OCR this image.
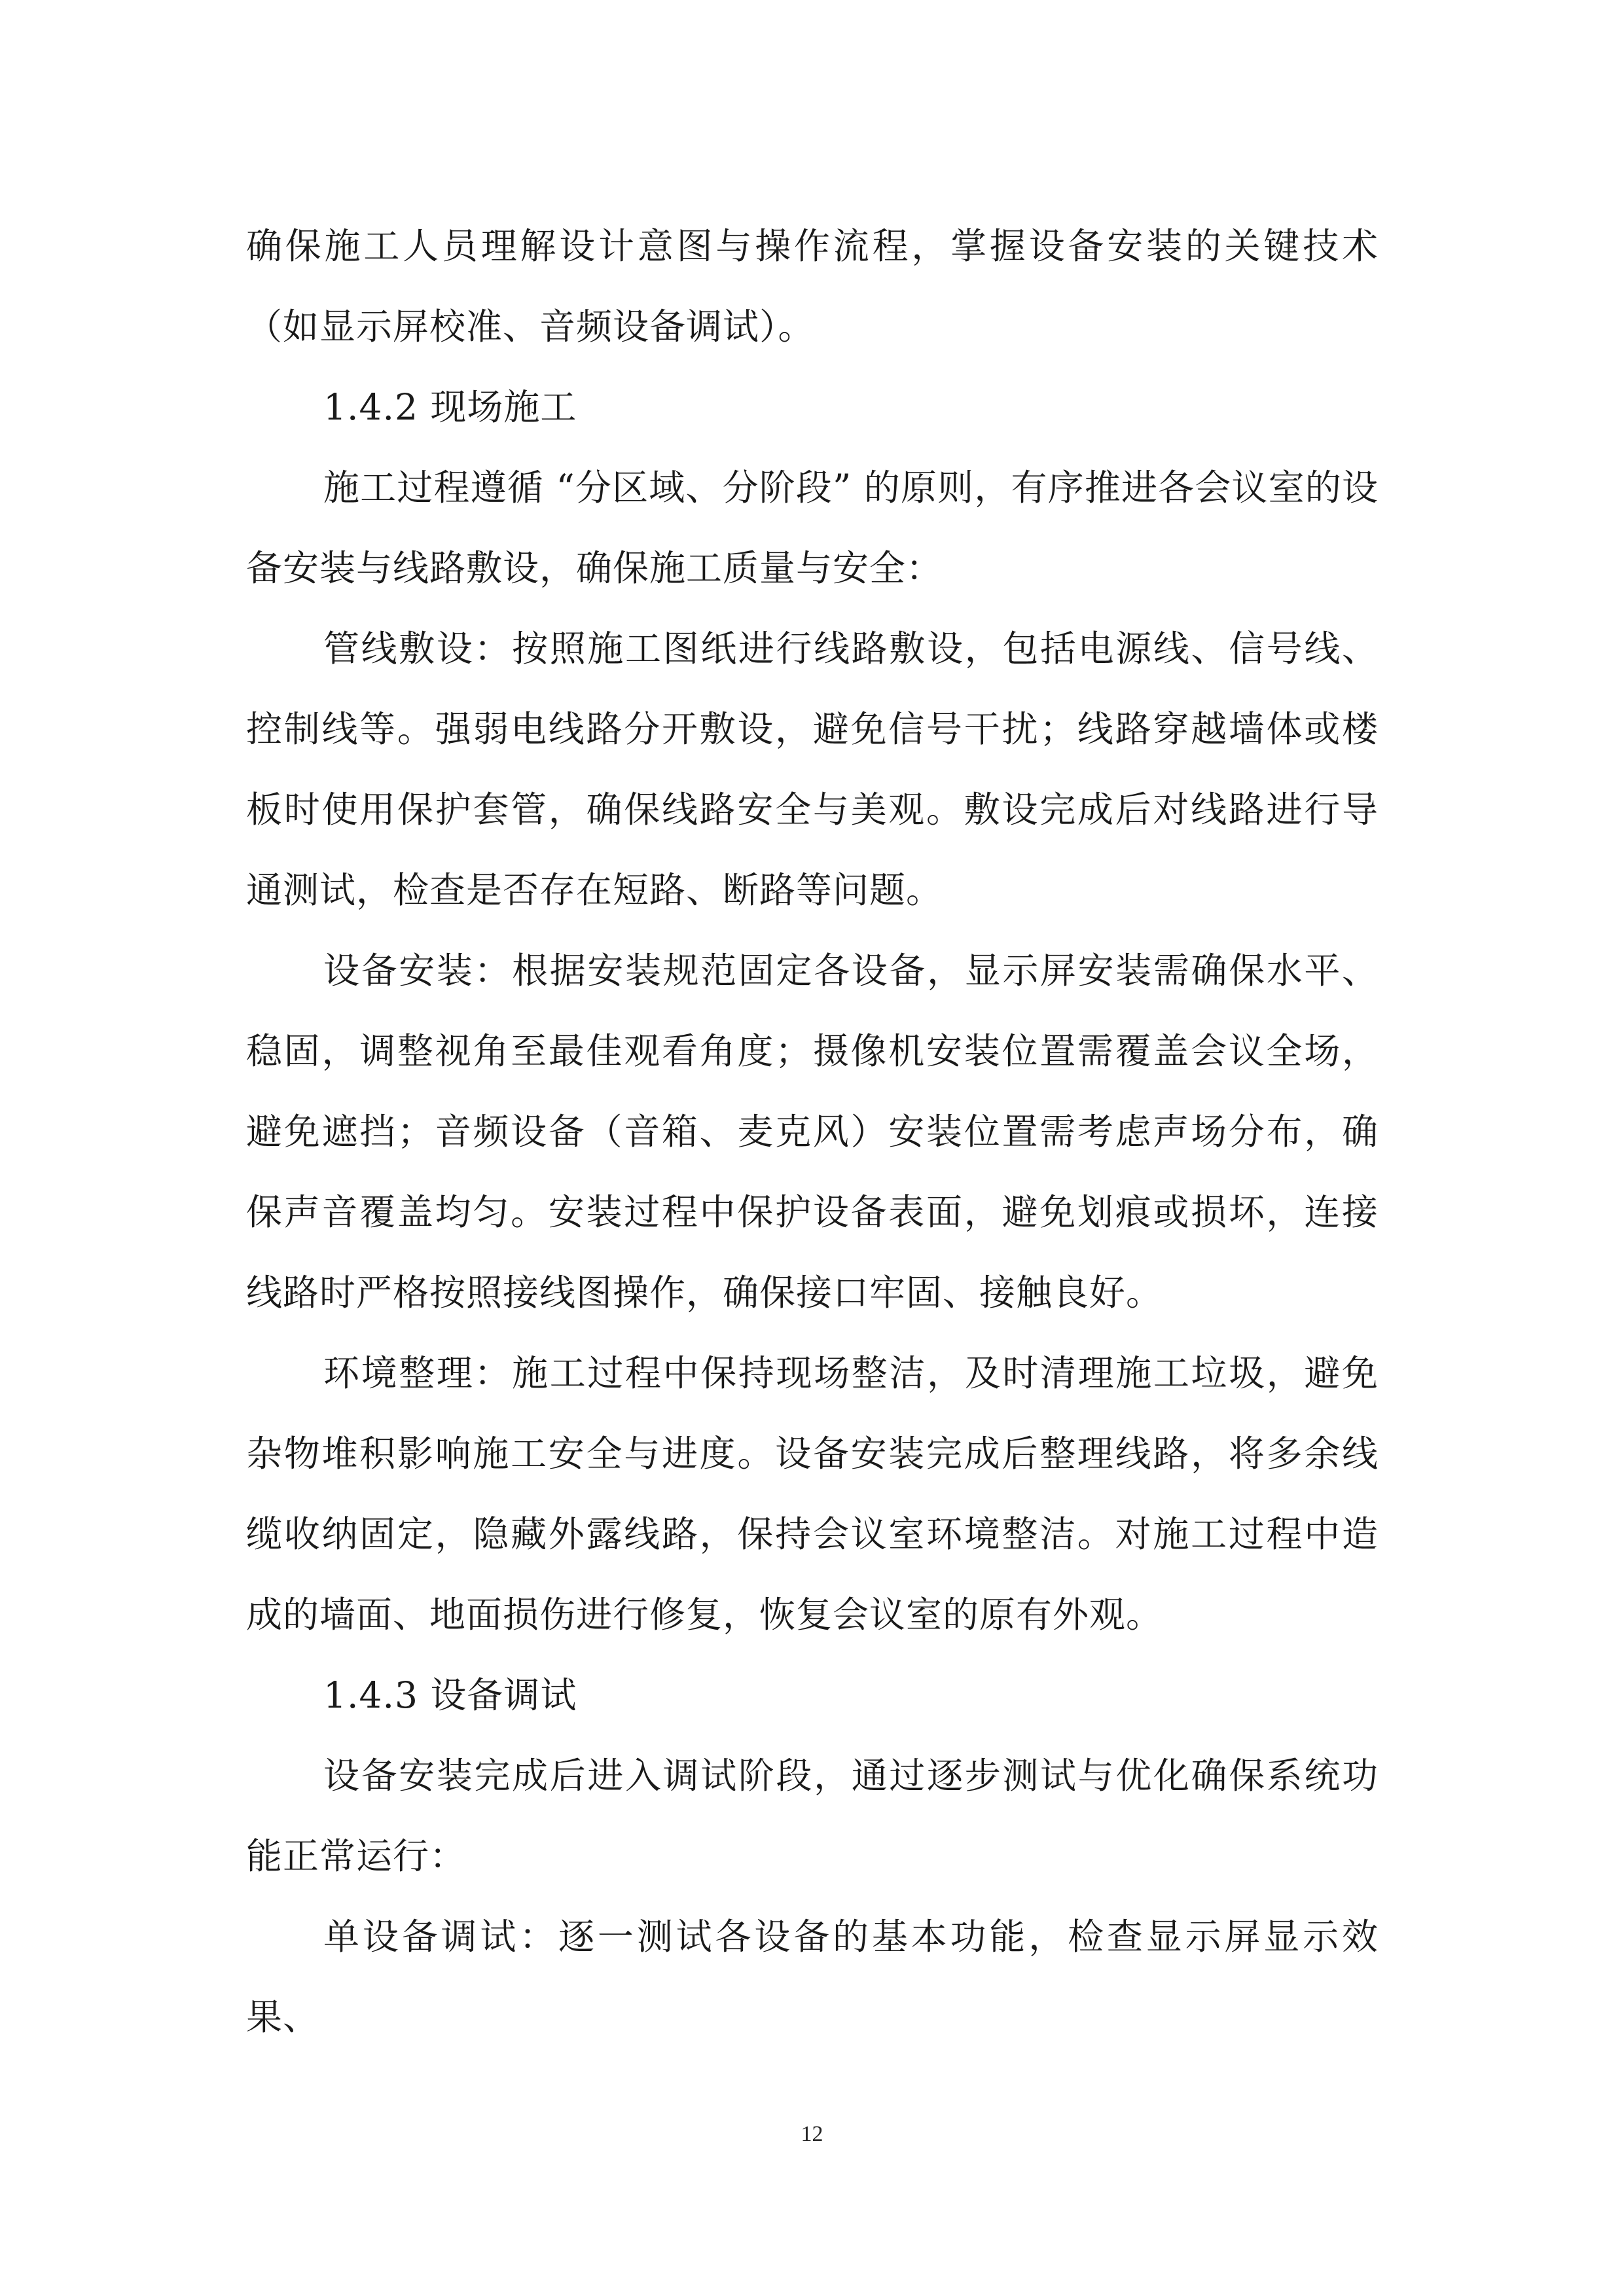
确保施工人员理解设计意图与操作流程，掌握设备安装的关键技术（如显示屏校准、音频设备调试）。

1.4.2 现场施工

施工过程遵循 “分区域、分阶段” 的原则，有序推进各会议室的设备安装与线路敷设，确保施工质量与安全：

管线敷设：按照施工图纸进行线路敷设，包括电源线、信号线、控制线等。强弱电线路分开敷设，避免信号干扰；线路穿越墙体或楼板时使用保护套管，确保线路安全与美观。敷设完成后对线路进行导通测试，检查是否存在短路、断路等问题。

设备安装：根据安装规范固定各设备，显示屏安装需确保水平、稳固，调整视角至最佳观看角度；摄像机安装位置需覆盖会议全场，避免遮挡；音频设备（音箱、麦克风）安装位置需考虑声场分布，确保声音覆盖均匀。安装过程中保护设备表面，避免划痕或损坏，连接线路时严格按照接线图操作，确保接口牢固、接触良好。

环境整理：施工过程中保持现场整洁，及时清理施工垃圾，避免杂物堆积影响施工安全与进度。设备安装完成后整理线路，将多余线缆收纳固定，隐藏外露线路，保持会议室环境整洁。对施工过程中造成的墙面、地面损伤进行修复，恢复会议室的原有外观。

1.4.3 设备调试

设备安装完成后进入调试阶段，通过逐步测试与优化确保系统功能正常运行：

单设备调试：逐一测试各设备的基本功能，检查显示屏显示效果、

12
